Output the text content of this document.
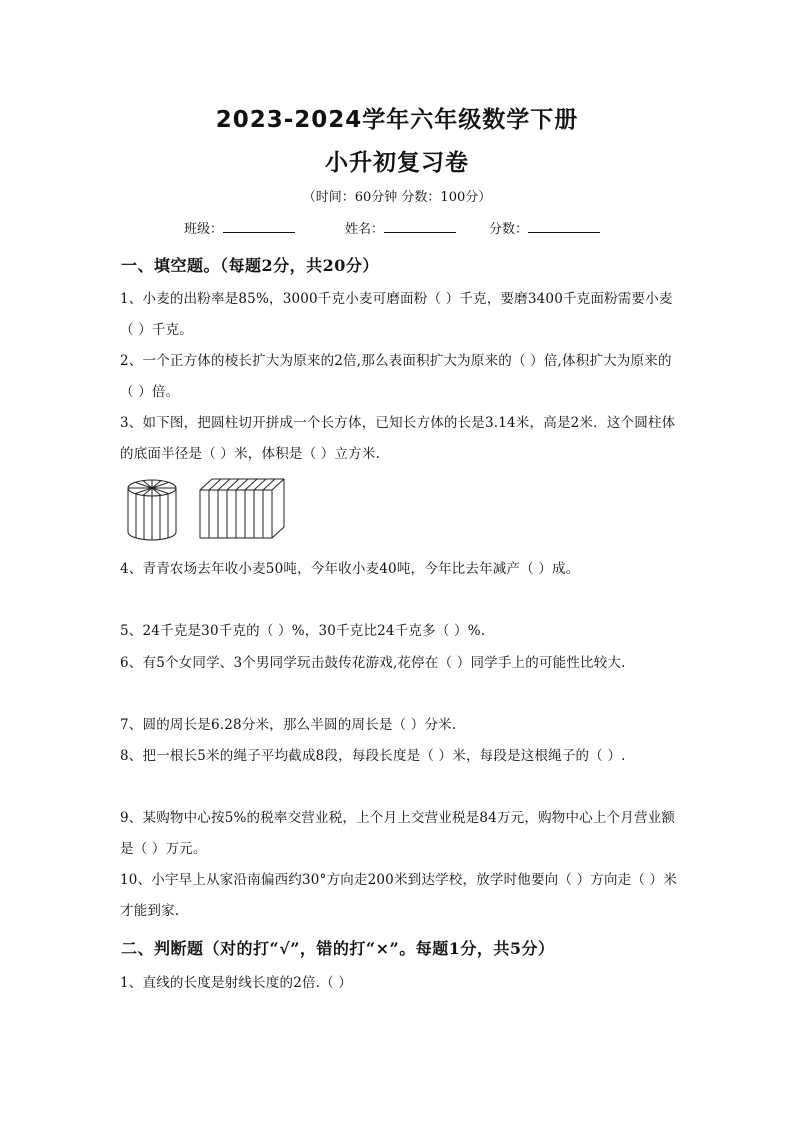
2023-2024学年六年级数学下册
小升初复习卷
（时间：60分钟 分数：100分）
班级：	姓名：	分数：
一、填空题。（每题2分，共20分）
1、小麦的出粉率是85%，3000千克小麦可磨面粉（ ）千克，要磨3400千克面粉需要小麦（ ）千克。
2、一个正方体的棱长扩大为原来的2倍,那么表面积扩大为原来的（ ）倍,体积扩大为原来的（ ）倍。
3、如下图，把圆柱切开拼成一个长方体，已知长方体的长是3.14米，高是2米．这个圆柱体的底面半径是（ ）米，体积是（ ）立方米.
4、青青农场去年收小麦50吨，今年收小麦40吨，今年比去年减产（ ）成。
5、24千克是30千克的（ ）%，30千克比24千克多（ ）%.
6、有5个女同学、3个男同学玩击鼓传花游戏,花停在（ ）同学手上的可能性比较大.
7、圆的周长是6.28分米，那么半圆的周长是（ ）分米.
8、把一根长5米的绳子平均截成8段，每段长度是（ ）米，每段是这根绳子的（ ）.
9、某购物中心按5%的税率交营业税，上个月上交营业税是84万元，购物中心上个月营业额是（ ）万元。
10、小宇早上从家沿南偏西约30°方向走200米到达学校，放学时他要向（ ）方向走（ ）米才能到家.
二、判断题（对的打“√”，错的打“×”。每题1分，共5分）
1、直线的长度是射线长度的2倍.（ ）
